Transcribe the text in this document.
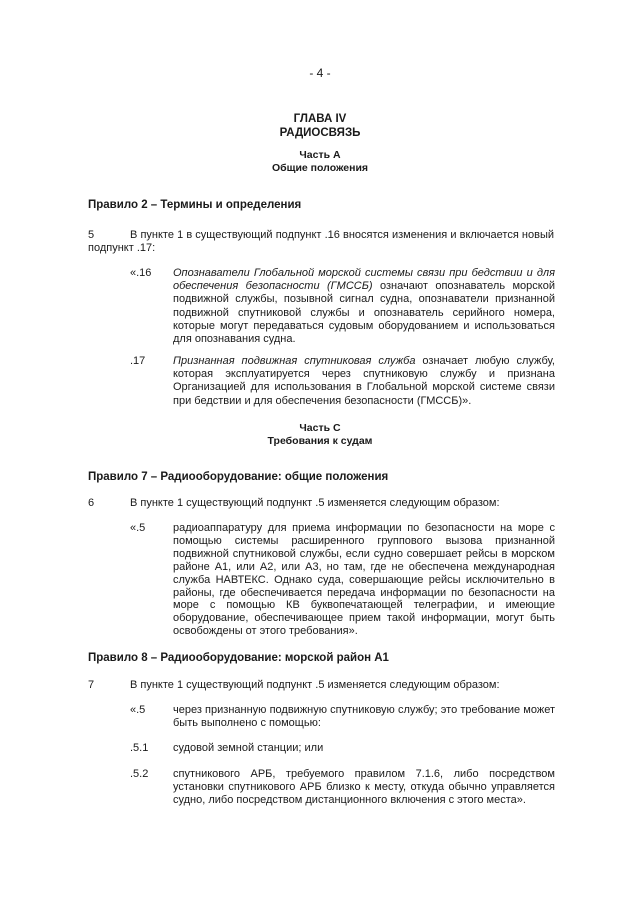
- 4 -
ГЛАВА IV
РАДИОСВЯЗЬ
Часть А
Общие положения
Правило 2 – Термины и определения
5	В пункте 1 в существующий подпункт .16 вносятся изменения и включается новый подпункт .17:
«.16 Опознаватели Глобальной морской системы связи при бедствии и для обеспечения безопасности (ГМССБ) означают опознаватель морской подвижной службы, позывной сигнал судна, опознаватели признанной подвижной спутниковой службы и опознаватель серийного номера, которые могут передаваться судовым оборудованием и использоваться для опознавания судна.
.17	Признанная подвижная спутниковая служба означает любую службу, которая эксплуатируется через спутниковую службу и признана Организацией для использования в Глобальной морской системе связи при бедствии и для обеспечения безопасности (ГМССБ)».
Часть С
Требования к судам
Правило 7 – Радиооборудование: общие положения
6	В пункте 1 существующий подпункт .5 изменяется следующим образом:
«.5	радиоаппаратуру для приема информации по безопасности на море с помощью системы расширенного группового вызова признанной подвижной спутниковой службы, если судно совершает рейсы в морском районе А1, или А2, или А3, но там, где не обеспечена международная служба НАВТЕКС. Однако суда, совершающие рейсы исключительно в районы, где обеспечивается передача информации по безопасности на море с помощью КВ буквопечатающей телеграфии, и имеющие оборудование, обеспечивающее прием такой информации, могут быть освобождены от этого требования».
Правило 8 – Радиооборудование: морской район А1
7	В пункте 1 существующий подпункт .5 изменяется следующим образом:
«.5	через признанную подвижную спутниковую службу; это требование может быть выполнено с помощью:
.5.1 судовой земной станции; или
.5.2 спутникового АРБ, требуемого правилом 7.1.6, либо посредством установки спутникового АРБ близко к месту, откуда обычно управляется судно, либо посредством дистанционного включения с этого места».
